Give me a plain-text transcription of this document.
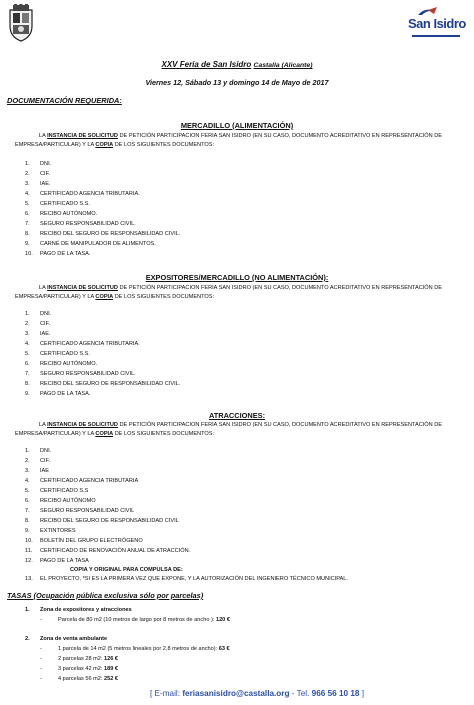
San Isidro
XXV Feria de San Isidro Castalla (Alicante)
Viernes 12, Sábado 13 y domingo 14 de Mayo de 2017
DOCUMENTACIÓN REQUERIDA:
MERCADILLO (ALIMENTACIÓN)
LA INSTANCIA DE SOLICITUD DE PETICIÓN PARTICIPACION FERIA SAN ISIDRO (EN SU CASO, DOCUMENTO ACREDITATIVO EN REPRESENTACIÓN DE EMPRESA/PARTICULAR) Y LA COPIA DE LOS SIGUIENTES DOCUMENTOS:
1.	DNI.
2.	CIF.
3.	IAE.
4.	CERTIFICADO AGENCIA TRIBUTARIA.
5.	CERTIFICADO S.S.
6.	RECIBO AUTÓNOMO.
7.	SEGURO RESPONSABILIDAD CIVIL.
8.	RECIBO DEL SEGURO DE RESPONSABILIDAD CIVIL.
9.	CARNÉ DE MANIPULADOR DE ALIMENTOS.
10.	PAGO DE LA TASA.
EXPOSITORES/MERCADILLO (NO ALIMENTACIÓN):
LA INSTANCIA DE SOLICITUD DE PETICIÓN PARTICIPACION FERIA SAN ISIDRO (EN SU CASO, DOCUMENTO ACREDITATIVO EN REPRESENTACIÓN DE EMPRESA/PARTICULAR) Y LA COPIA DE LOS SIGUIENTES DOCUMENTOS:
1.	DNI.
2.	CIF.
3.	IAE.
4.	CERTIFICADO AGENCIA TRIBUTARIA.
5.	CERTIFICADO S.S.
6.	RECIBO AUTÓNOMO.
7.	SEGURO RESPONSABILIDAD CIVIL.
8.	RECIBO DEL SEGURO DE RESPONSABILIDAD CIVIL.
9.	PAGO DE LA TASA.
ATRACCIONES:
LA INSTANCIA DE SOLICITUD DE PETICIÓN PARTICIPACION FERIA SAN ISIDRO (EN SU CASO, DOCUMENTO ACREDITATIVO EN REPRESENTACIÓN DE EMPRESA/PARTICULAR) Y LA COPIA DE LOS SIGUIENTES DOCUMENTOS:
1.	DNI.
2.	CIF.
3.	IAE
4.	CERTIFICADO AGENCIA TRIBUTARIA
5.	CERTIFICADO S.S
6.	RECIBO AUTÓNOMO
7.	SEGURO RESPONSABILIDAD CIVIL
8.	RECIBO DEL SEGURO DE RESPONSABILIDAD CIVIL
9.	EXTINTORES
10.	BOLETÍN DEL GRUPO ELECTRÓGENO
11.	CERTIFICADO DE RENOVACIÓN ANUAL DE ATRACCIÓN.
12.	PAGO DE LA TASA
COPIA Y ORIGINAL PARA COMPULSA DE:
13.	EL PROYECTO, *SI ES LA PRIMERA VEZ QUE EXPONE, Y LA AUTORIZACIÓN DEL INGENIERO TÉCNICO MUNICIPAL.
TASAS (Ocupación pública exclusiva sólo por parcelas)
1.	Zona de expositores y atracciones
-	Parcela de 80 m2 (10 metros de largo por 8 metros de ancho ): 120 €
2.	Zona de venta ambulante
-	1 parcela de 14 m2 (5 metros lineales por 2,8 metros de ancho): 63 €
-	2 parcelas 28 m2: 126 €
-	3 parcelas 42 m2: 189 €
-	4 parcelas 56 m2: 252 €
[ E-mail: feriasanisidro@castalla.org - Tel. 966 56 10 18 ]
